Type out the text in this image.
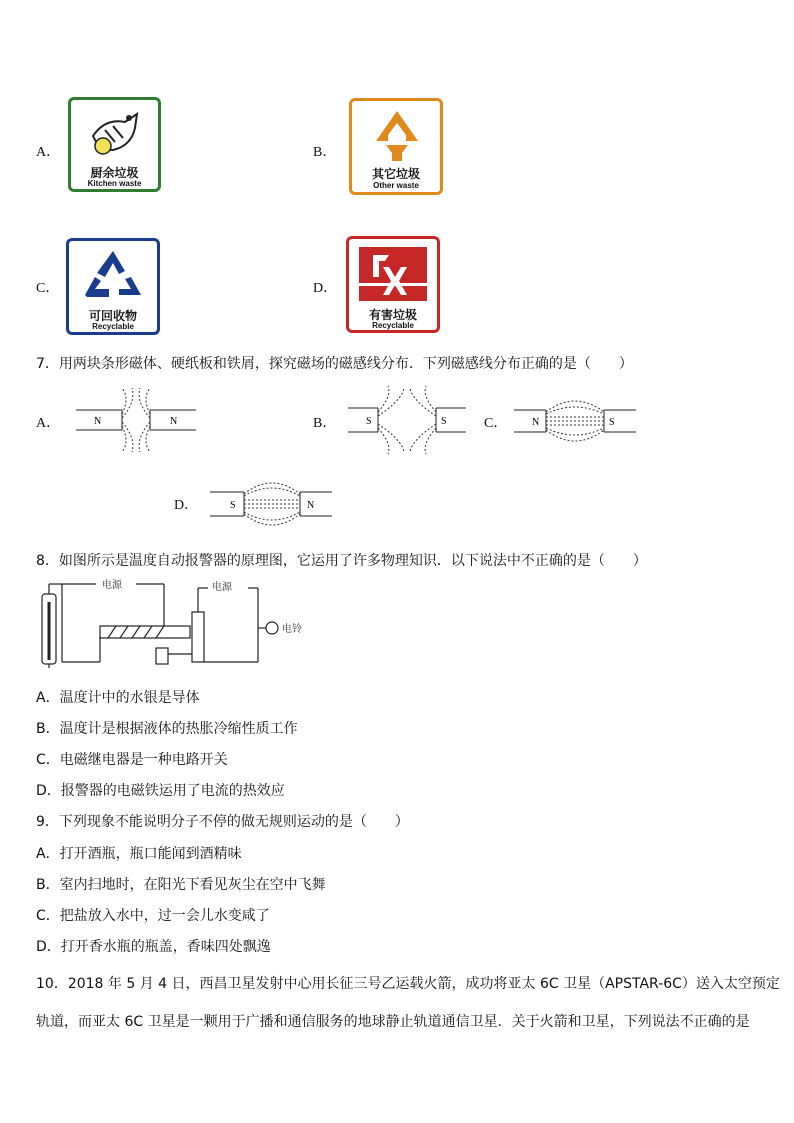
A．
厨余垃圾
Kitchen waste
B．
其它垃圾
Other waste
C．
可回收物
Recyclable
D．
有害垃圾
Recyclable
7．用两块条形磁体、硬纸板和铁屑，探究磁场的磁感线分布．下列磁感线分布正确的是（　　）
A．	N	N	B．	S	S	C． N	S
D．	S	N
8．如图所示是温度自动报警器的原理图，它运用了许多物理知识．以下说法中不正确的是（　　）
电源	电源
电铃
A．温度计中的水银是导体
B．温度计是根据液体的热胀冷缩性质工作
C．电磁继电器是一种电路开关
D．报警器的电磁铁运用了电流的热效应
9．下列现象不能说明分子不停的做无规则运动的是（　　）
A．打开酒瓶，瓶口能闻到酒精味
B．室内扫地时，在阳光下看见灰尘在空中飞舞
C．把盐放入水中，过一会儿水变咸了
D．打开香水瓶的瓶盖，香味四处飘逸
10．2018 年 5 月 4 日，西昌卫星发射中心用长征三号乙运载火箭，成功将亚太 6C 卫星（APSTAR-6C）送入太空预定
轨道，而亚太 6C 卫星是一颗用于广播和通信服务的地球静止轨道通信卫星．关于火箭和卫星，下列说法不正确的是
